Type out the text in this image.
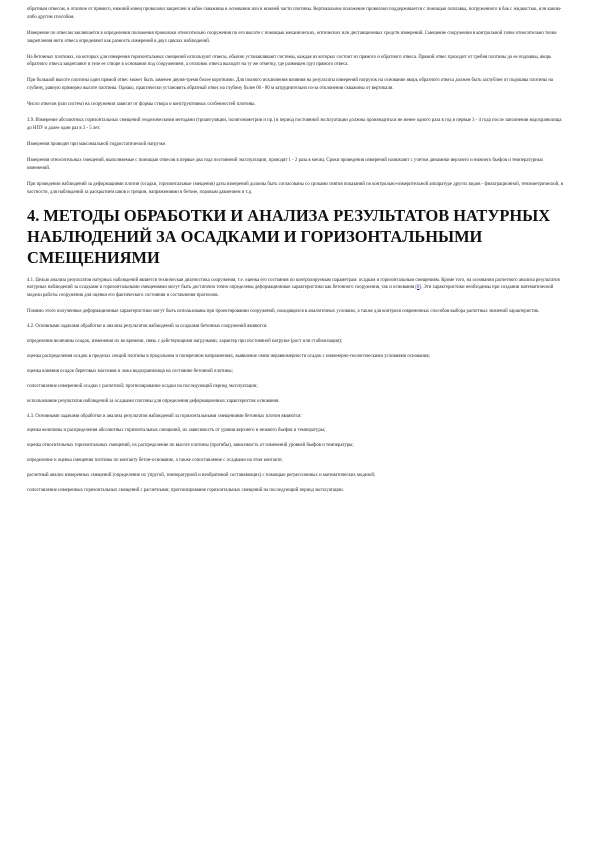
обратным отвесом, в отличие от прямого, нижний конец проволоки закреплен в забое скважины в основании или в нижней части плотины. Вертикальное положение проволоки поддерживается с помощью поплавка, погруженного в бак с жидкостью, или каким-либо другим способом.

Измерение по отвесам заключается в определении положения проволоки относительно сооружения по его высоте с помощью механических, оптических или дистанционных средств измерений. Смещение сооружения в контрольной точке относительно точки закрепления нити отвеса определяют как разность измерений в двух циклах наблюдений.

На бетонных плотинах, на которых для измерения горизонтальных смещений используют отвесы, обычно устанавливают системы, каждая из которых состоит из прямого и обратного отвеса. Прямой отвес проходит от гребня плотины до ее подошвы, якорь обратного отвеса закрепляют в теле ее створе в основании под сооружением, а оголовок отвеса выходит на ту же отметку, где размещен груз прямого отвеса.

При большой высоте плотины один прямой отвес может быть заменен двумя-тремя более короткими. Для полного исключения влияния на результаты измерений нагрузок на основание якорь обратного отвеса должен быть заглублен от подошвы плотины на глубину, равную примерно высоте плотины. Однако, практически установить обратный отвес на глубину более 60 - 80 м затруднительно из-за отклонения скважины от вертикали.

Число отвесов (или систем) на сооружении зависит от формы створа и конструктивных особенностей плотины.

3.9. Измерение абсолютных горизонтальных смещений геодезическими методами (триангуляции, полигонометрии и пр.) в период постоянной эксплуатации должны производиться не менее одного раза в год в первые 3 - 4 года после заполнения водохранилища до НПУ и далее один раз в 3 - 5 лет.

Измерения проводят при максимальной гидростатической нагрузке.

Измерения относительных смещений, выполняемые с помощью отвесов в первые два года постоянной эксплуатации, проводят 1 - 2 раза в месяц. Сроки проведения измерений назначают с учетом динамики верхнего и нижнего бьефов и температурных изменений.

При проведении наблюдений за деформациями плотин (осадки, горизонтальные смещения) даты измерений должны быть согласованы со сроками снятия показаний по контрольно-измерительной аппаратуре других видов - фильтрационной, тензометрической, в частности, для наблюдений за раскрытием швов и трещин, напряжениями в бетоне, поровым давлением и т.д.

4. МЕТОДЫ ОБРАБОТКИ И АНАЛИЗА РЕЗУЛЬТАТОВ НАТУРНЫХ НАБЛЮДЕНИЙ ЗА ОСАДКАМИ И ГОРИЗОНТАЛЬНЫМИ СМЕЩЕНИЯМИ

4.1. Целью анализа результатов натурных наблюдений является техническая диагностика сооружения, т.е. оценка его состояния по контролируемым параметрам: осадкам и горизонтальным смещениям. Кромe того, на основании расчетного анализа результатов натурных наблюдений за осадками и горизонтальными смещениями могут быть достаточно точно определены деформационные характеристики как бетонного сооружения, так и основания [8]. Эти характеристики необходимы при создании математической модели работы сооружения для оценки его фактического состояния и составления прогнозов.

Помимо этого полученные деформационные характеристики могут быть использованы при проектировании сооружений, находящихся в аналогичных условиях, а также для контроля современных способов выбора расчетных значений характеристик.

4.2. Основными задачами обработки и анализа результатов наблюдений за осадками бетонных сооружений являются:

определение величины осадок, изменения их во времени, связь с действующими нагрузками, характер при постоянной нагрузке (рост или стабилизация);

оценка распределения осадок в пределах секций плотины в продольном и поперечном направлениях, выявление связи неравномерности осадок с инженерно-геологическими условиями основания;

оценка влияния осадок береговых массивов и ложа водохранилища на состояние бетонной плотины;

сопоставление измеренной осадки с расчетной; прогнозирование осадки на последующий период эксплуатации;

использование результатов наблюдений за осадками плотины для определения деформационных характеристик основания.

4.3. Основными задачами обработки и анализа результатов наблюдений за горизонтальными смещениями бетонных плотин являются:

оценка величины и распределения абсолютных горизонтальных смещений, их зависимость от уровня верхнего и нижнего бьефов и температуры;

оценка относительных горизонтальных смещений, их распределение по высоте плотины (прогибы), зависимость от изменений уровней бьефов и температуры;

определение и оценка смещения плотины по контакту бетон-основание, а также сопоставление с осадками на этом контакте;

расчетный анализ измеренных смещений (определение их упругой, температурной и необратимой составляющих) с помощью регрессионных и математических моделей;

сопоставление измеренных горизонтальных смещений с расчетными; прогнозирование горизонтальных смещений на последующий период эксплуатации.
